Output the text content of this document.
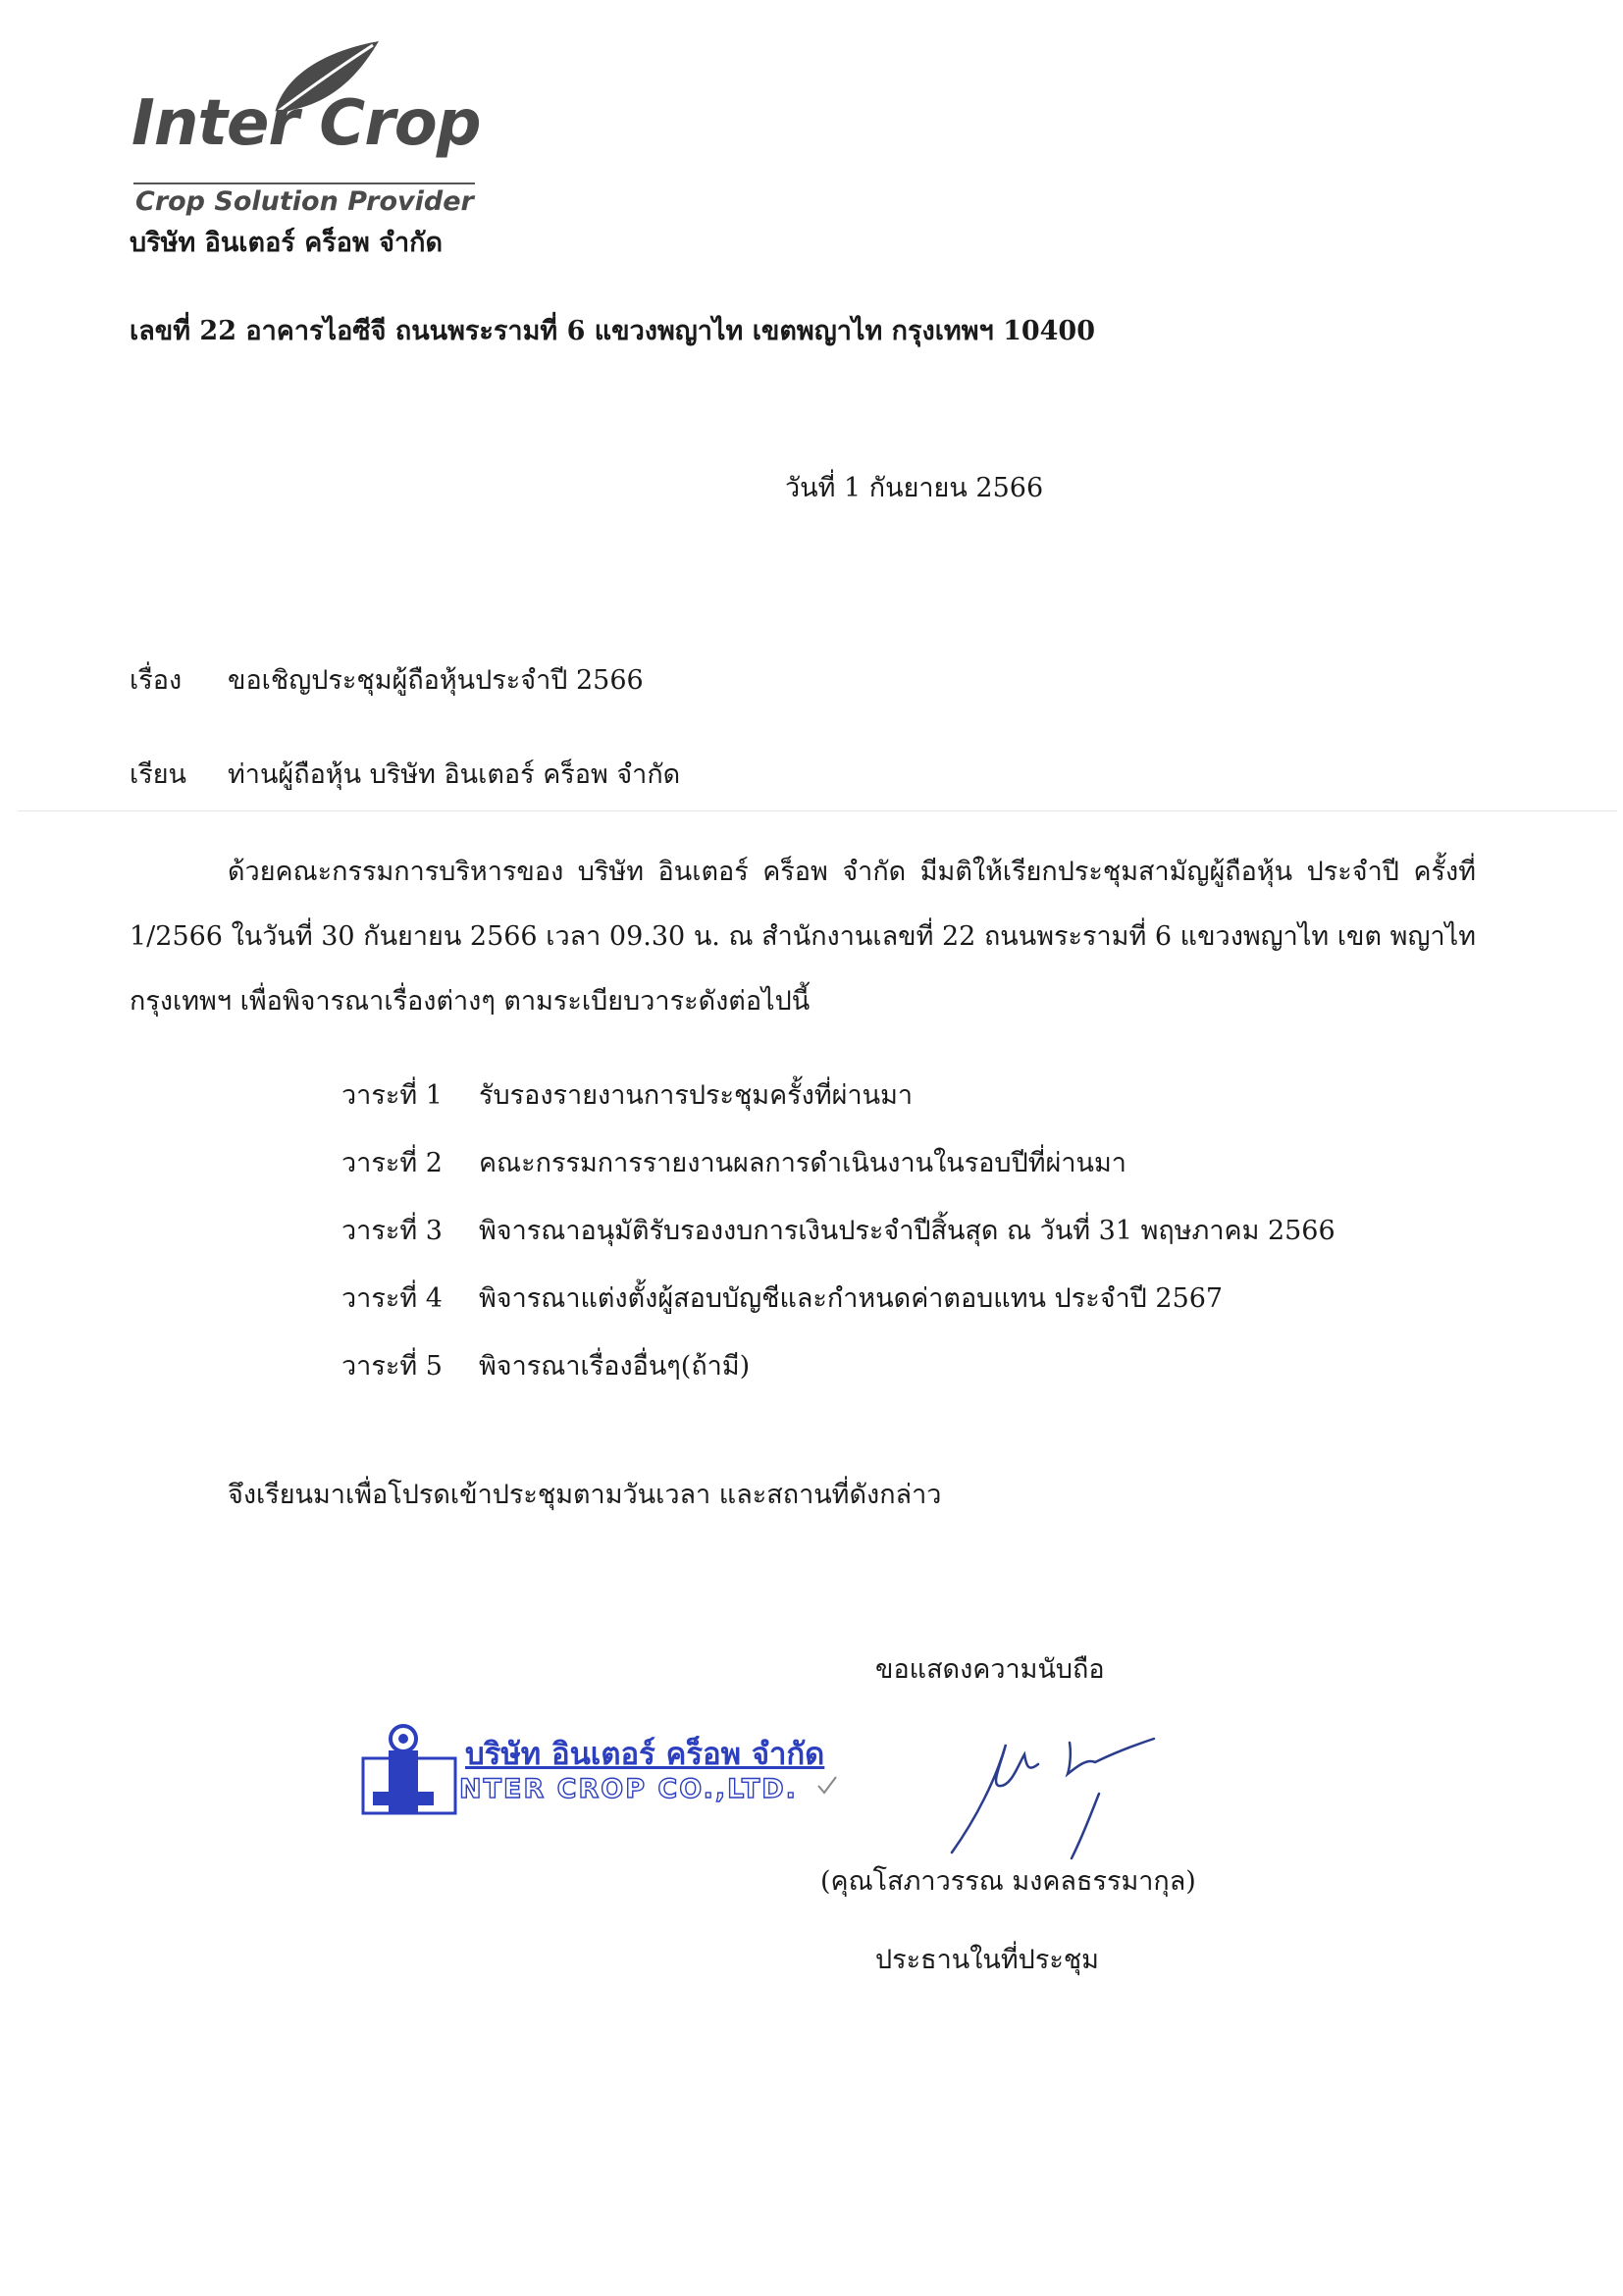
Inter Crop
Crop Solution Provider
บริษัท อินเตอร์ คร็อพ จำกัด
เลขที่ 22 อาคารไอซีจี ถนนพระรามที่ 6 แขวงพญาไท เขตพญาไท กรุงเทพฯ 10400
วันที่ 1 กันยายน 2566
เรื่อง ขอเชิญประชุมผู้ถือหุ้นประจำปี 2566
เรียน ท่านผู้ถือหุ้น บริษัท อินเตอร์ คร็อพ จำกัด
ด้วยคณะกรรมการบริหารของ บริษัท อินเตอร์ คร็อพ จำกัด มีมติให้เรียกประชุมสามัญผู้ถือหุ้น ประจำปี ครั้งที่ 1/2566 ในวันที่ 30 กันยายน 2566 เวลา 09.30 น. ณ สำนักงานเลขที่ 22 ถนนพระรามที่ 6 แขวงพญาไท เขต พญาไท กรุงเทพฯ เพื่อพิจารณาเรื่องต่างๆ ตามระเบียบวาระดังต่อไปนี้
วาระที่ 1 รับรองรายงานการประชุมครั้งที่ผ่านมา
วาระที่ 2 คณะกรรมการรายงานผลการดำเนินงานในรอบปีที่ผ่านมา
วาระที่ 3 พิจารณาอนุมัติรับรองงบการเงินประจำปีสิ้นสุด ณ วันที่ 31 พฤษภาคม 2566
วาระที่ 4 พิจารณาแต่งตั้งผู้สอบบัญชีและกำหนดค่าตอบแทน ประจำปี 2567
วาระที่ 5 พิจารณาเรื่องอื่นๆ(ถ้ามี)
จึงเรียนมาเพื่อโปรดเข้าประชุมตามวันเวลา และสถานที่ดังกล่าว
ขอแสดงความนับถือ
บริษัท อินเตอร์ คร็อพ จำกัด
NTER CROP CO.,LTD.
(คุณโสภาวรรณ มงคลธรรมากุล)
ประธานในที่ประชุม
